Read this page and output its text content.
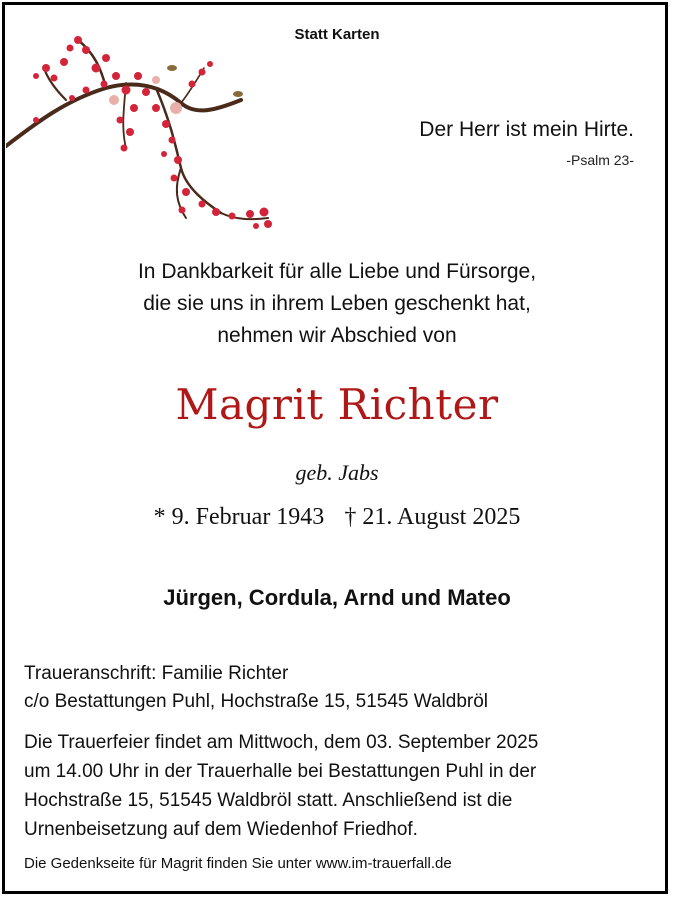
Statt Karten
Der Herr ist mein Hirte.
-Psalm 23-
In Dankbarkeit für alle Liebe und Fürsorge,
die sie uns in ihrem Leben geschenkt hat,
nehmen wir Abschied von
Magrit Richter
geb. Jabs
* 9. Februar 1943 † 21. August 2025
Jürgen, Cordula, Arnd und Mateo
Traueranschrift: Familie Richter
c/o Bestattungen Puhl, Hochstraße 15, 51545 Waldbröl
Die Trauerfeier findet am Mittwoch, dem 03. September 2025
um 14.00 Uhr in der Trauerhalle bei Bestattungen Puhl in der
Hochstraße 15, 51545 Waldbröl statt. Anschließend ist die
Urnenbeisetzung auf dem Wiedenhof Friedhof.
Die Gedenkseite für Magrit finden Sie unter www.im-trauerfall.de
